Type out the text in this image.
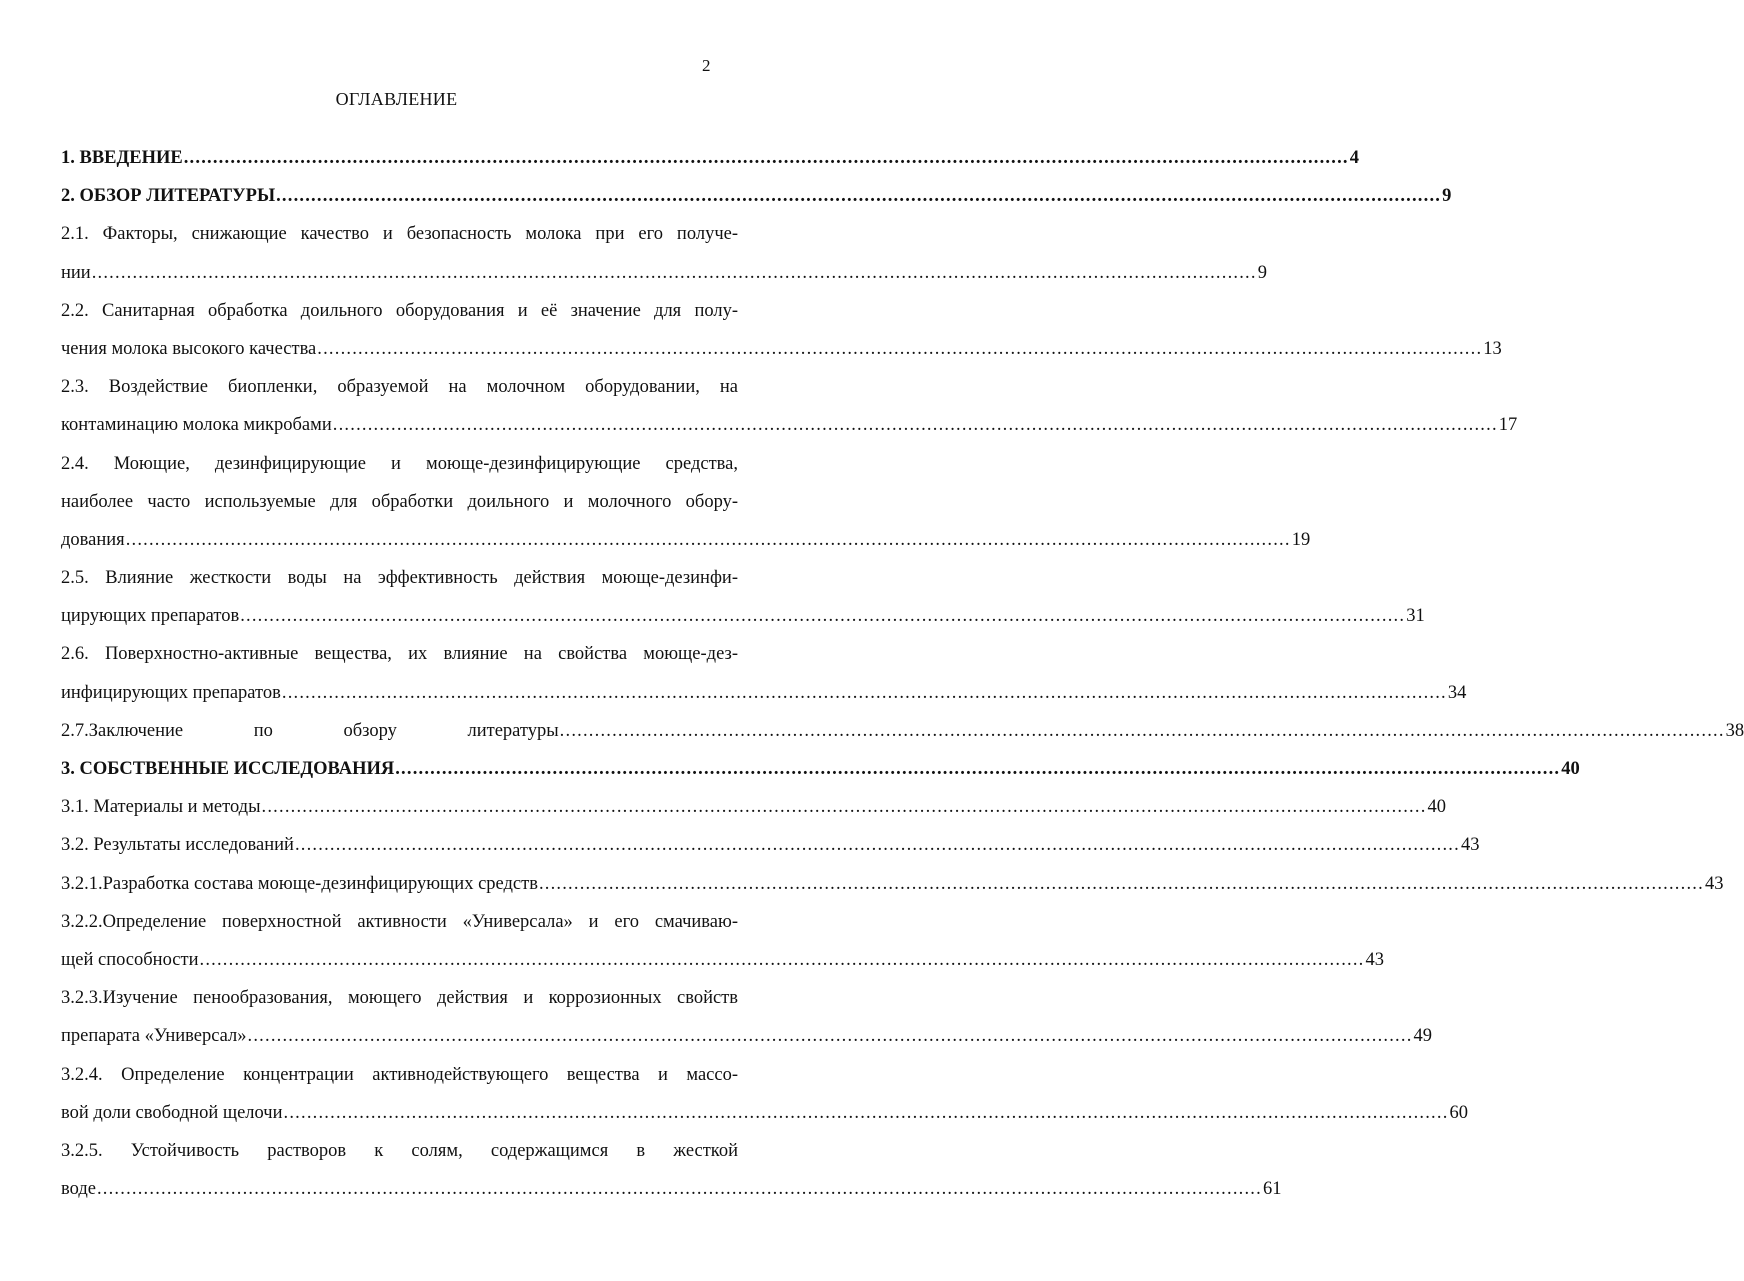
2
ОГЛАВЛЕНИЕ
1. ВВЕДЕНИЕ ........................................................................................................................................................................................................ 4
2. ОБЗОР ЛИТЕРАТУРЫ ........................................................................................................................................................................................................ 9
2.1. Факторы, снижающие качество и безопасность молока при его получе-
нии ........................................................................................................................................................................................................ 9
2.2. Санитарная обработка доильного оборудования и её значение для полу-
чения молока высокого качества ........................................................................................................................................................................................................ 13
2.3. Воздействие биопленки, образуемой на молочном оборудовании, на
контаминацию молока микробами ........................................................................................................................................................................................................ 17
2.4. Моющие, дезинфицирующие и моюще-дезинфицирующие средства,
наиболее часто используемые для обработки доильного и молочного обору-
дования ........................................................................................................................................................................................................ 19
2.5. Влияние жесткости воды на эффективность действия моюще-дезинфи-
цирующих препаратов ........................................................................................................................................................................................................ 31
2.6. Поверхностно-активные вещества, их влияние на свойства моюще-дез-
инфицирующих препаратов ........................................................................................................................................................................................................ 34
2.7.Заключение по обзору литературы ........................................................................................................................................................................................................ 38
3. СОБСТВЕННЫЕ ИССЛЕДОВАНИЯ ........................................................................................................................................................................................................ 40
3.1. Материалы и методы ........................................................................................................................................................................................................ 40
3.2. Результаты исследований ........................................................................................................................................................................................................ 43
3.2.1.Разработка состава моюще-дезинфицирующих средств ........................................................................................................................................................................................................ 43
3.2.2.Определение поверхностной активности «Универсала» и его смачиваю-
щей способности ........................................................................................................................................................................................................ 43
3.2.3.Изучение пенообразования, моющего действия и коррозионных свойств
препарата «Универсал» ........................................................................................................................................................................................................ 49
3.2.4. Определение концентрации активнодействующего вещества и массо-
вой доли свободной щелочи ........................................................................................................................................................................................................ 60
3.2.5. Устойчивость растворов к солям, содержащимся в жесткой
воде ........................................................................................................................................................................................................ 61
